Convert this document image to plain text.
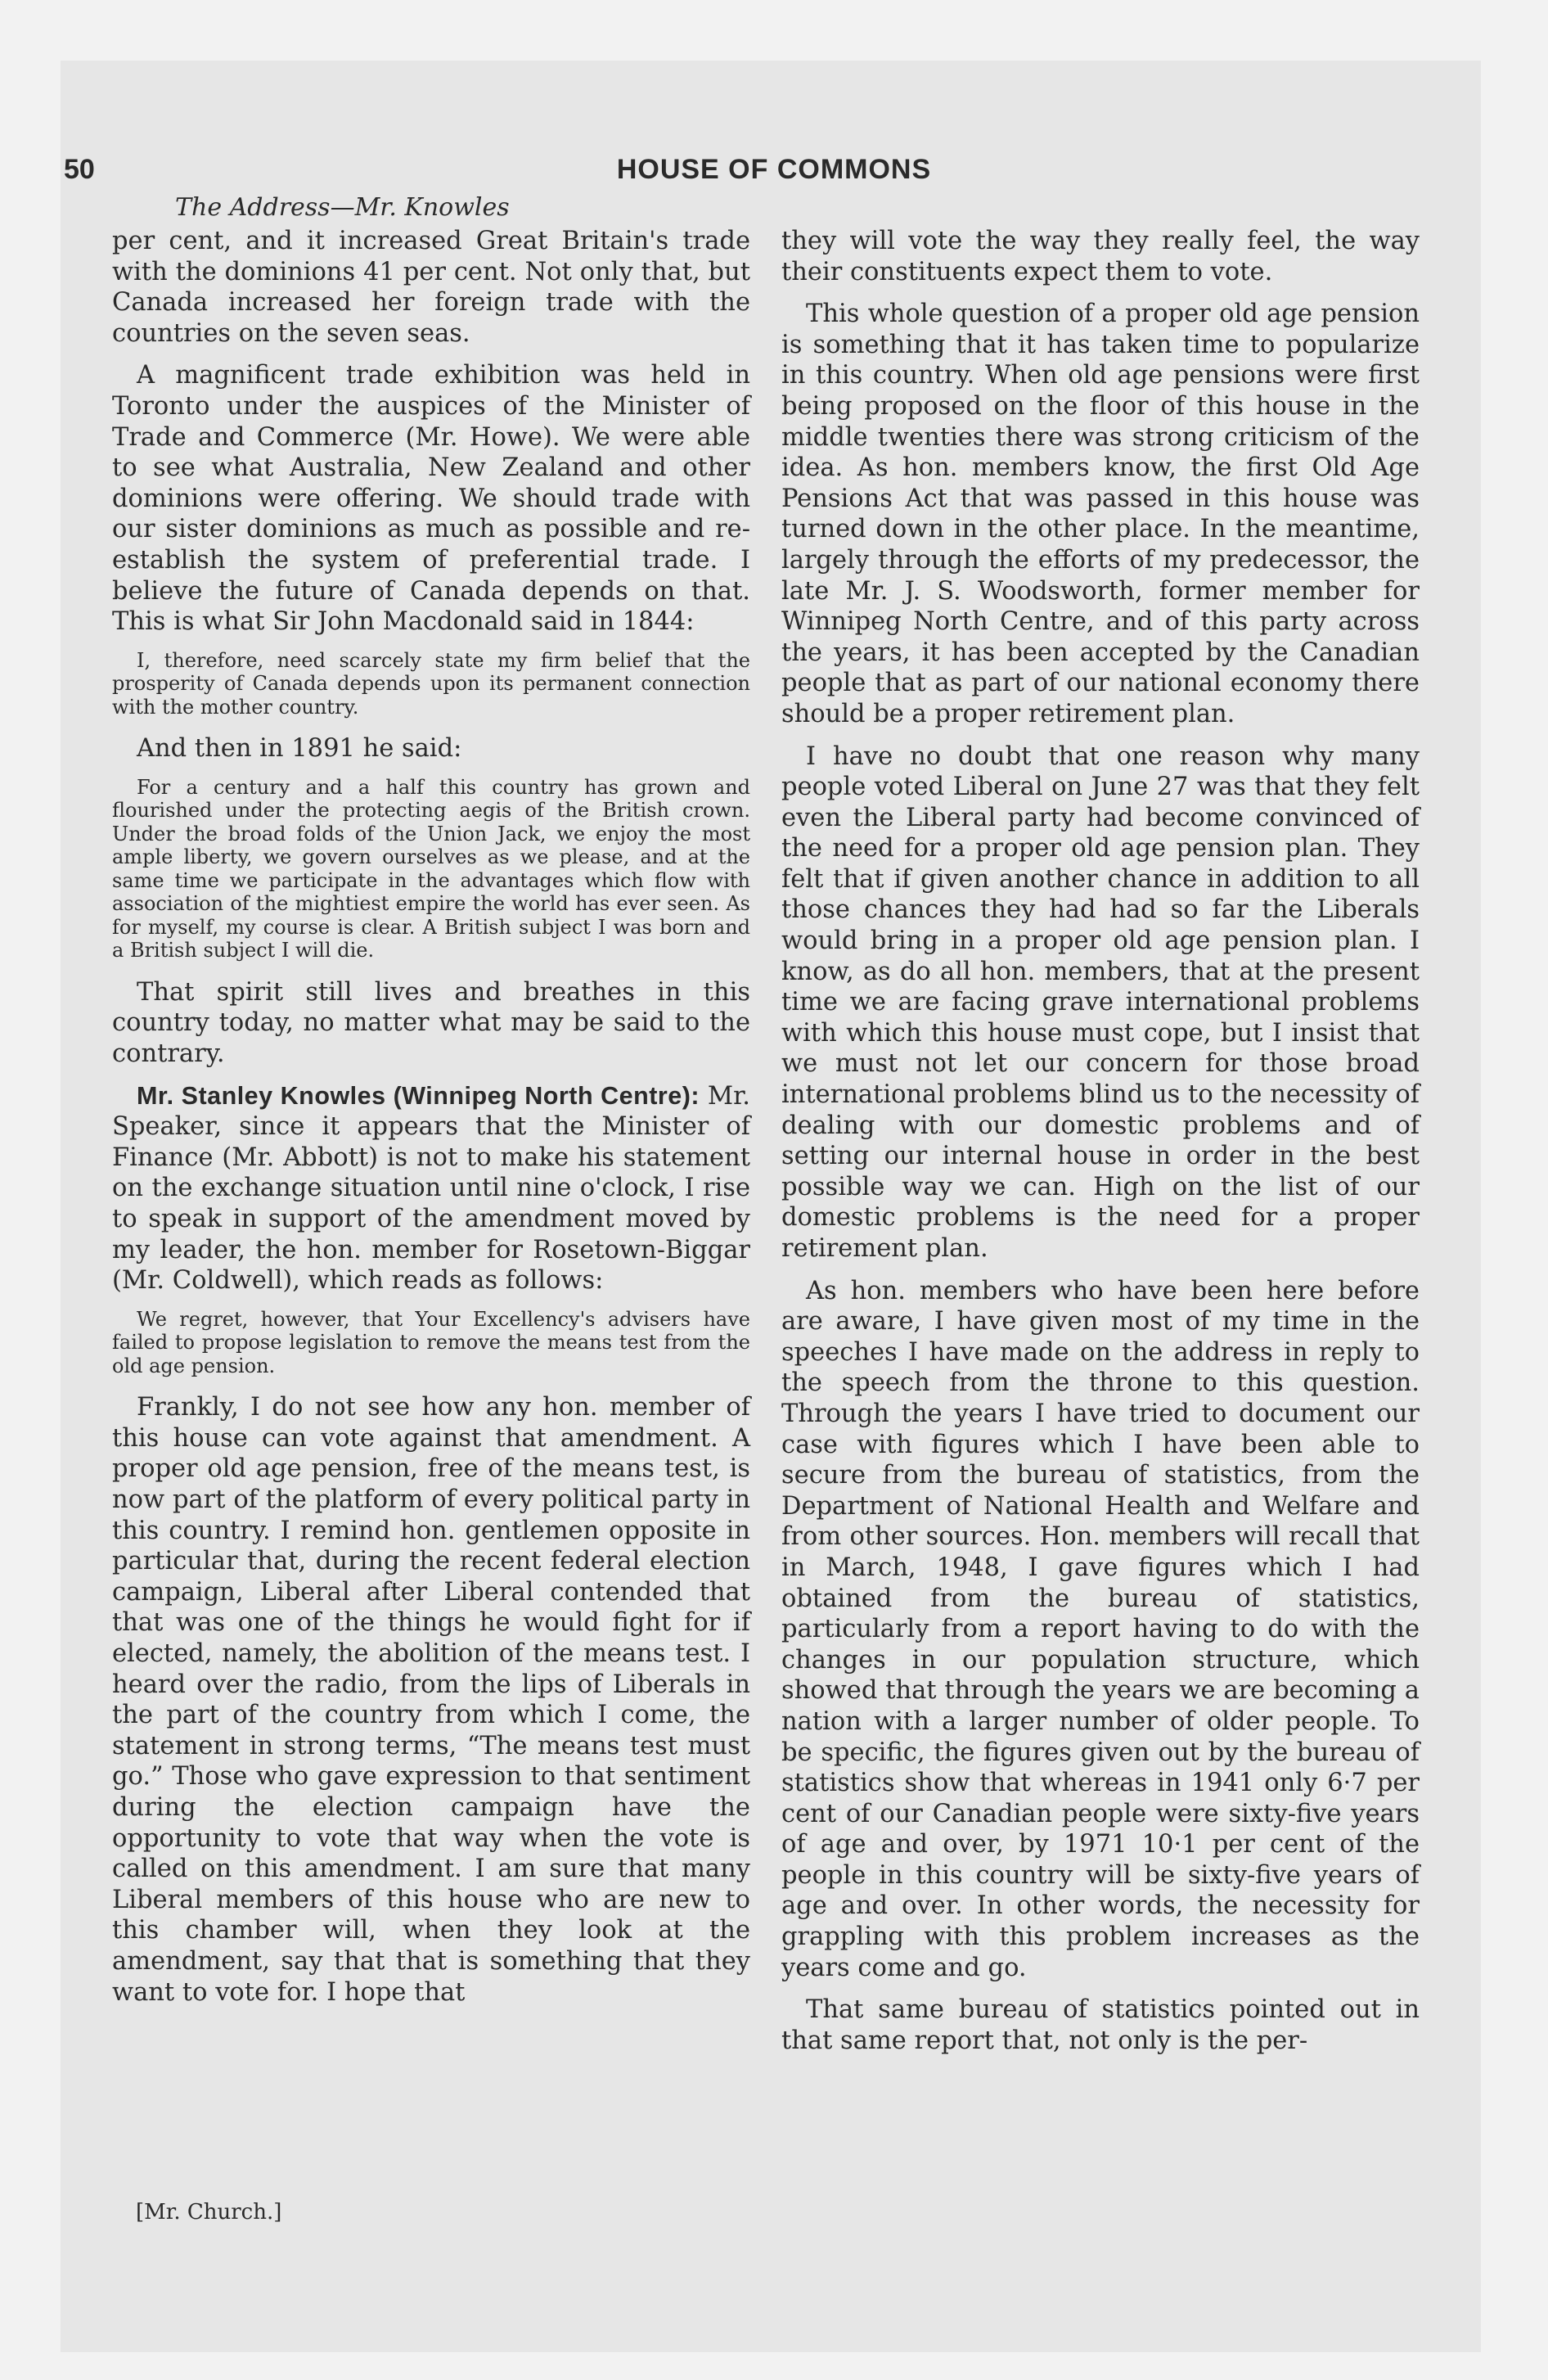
50	HOUSE OF COMMONS
The Address—Mr. Knowles

per cent, and it increased Great Britain's trade with the dominions 41 per cent. Not only that, but Canada increased her foreign trade with the countries on the seven seas.

A magnificent trade exhibition was held in Toronto under the auspices of the Minister of Trade and Commerce (Mr. Howe). We were able to see what Australia, New Zealand and other dominions were offering. We should trade with our sister dominions as much as possible and re-establish the system of preferential trade. I believe the future of Canada depends on that. This is what Sir John Macdonald said in 1844:

I, therefore, need scarcely state my firm belief that the prosperity of Canada depends upon its permanent connection with the mother country.

And then in 1891 he said:

For a century and a half this country has grown and flourished under the protecting aegis of the British crown. Under the broad folds of the Union Jack, we enjoy the most ample liberty, we govern ourselves as we please, and at the same time we participate in the advantages which flow with association of the mightiest empire the world has ever seen. As for myself, my course is clear. A British subject I was born and a British subject I will die.

That spirit still lives and breathes in this country today, no matter what may be said to the contrary.

Mr. Stanley Knowles (Winnipeg North Centre): Mr. Speaker, since it appears that the Minister of Finance (Mr. Abbott) is not to make his statement on the exchange situation until nine o'clock, I rise to speak in support of the amendment moved by my leader, the hon. member for Rosetown-Biggar (Mr. Coldwell), which reads as follows:

We regret, however, that Your Excellency's advisers have failed to propose legislation to remove the means test from the old age pension.

Frankly, I do not see how any hon. member of this house can vote against that amendment. A proper old age pension, free of the means test, is now part of the platform of every political party in this country. I remind hon. gentlemen opposite in particular that, during the recent federal election campaign, Liberal after Liberal contended that that was one of the things he would fight for if elected, namely, the abolition of the means test. I heard over the radio, from the lips of Liberals in the part of the country from which I come, the statement in strong terms, “The means test must go.” Those who gave expression to that sentiment during the election campaign have the opportunity to vote that way when the vote is called on this amendment. I am sure that many Liberal members of this house who are new to this chamber will, when they look at the amendment, say that that is something that they want to vote for. I hope that

they will vote the way they really feel, the way their constituents expect them to vote.

This whole question of a proper old age pension is something that it has taken time to popularize in this country. When old age pensions were first being proposed on the floor of this house in the middle twenties there was strong criticism of the idea. As hon. members know, the first Old Age Pensions Act that was passed in this house was turned down in the other place. In the meantime, largely through the efforts of my predecessor, the late Mr. J. S. Woodsworth, former member for Winnipeg North Centre, and of this party across the years, it has been accepted by the Canadian people that as part of our national economy there should be a proper retirement plan.

I have no doubt that one reason why many people voted Liberal on June 27 was that they felt even the Liberal party had become convinced of the need for a proper old age pension plan. They felt that if given another chance in addition to all those chances they had had so far the Liberals would bring in a proper old age pension plan. I know, as do all hon. members, that at the present time we are facing grave international problems with which this house must cope, but I insist that we must not let our concern for those broad international problems blind us to the necessity of dealing with our domestic problems and of setting our internal house in order in the best possible way we can. High on the list of our domestic problems is the need for a proper retirement plan.

As hon. members who have been here before are aware, I have given most of my time in the speeches I have made on the address in reply to the speech from the throne to this question. Through the years I have tried to document our case with figures which I have been able to secure from the bureau of statistics, from the Department of National Health and Welfare and from other sources. Hon. members will recall that in March, 1948, I gave figures which I had obtained from the bureau of statistics, particularly from a report having to do with the changes in our population structure, which showed that through the years we are becoming a nation with a larger number of older people. To be specific, the figures given out by the bureau of statistics show that whereas in 1941 only 6·7 per cent of our Canadian people were sixty-five years of age and over, by 1971 10·1 per cent of the people in this country will be sixty-five years of age and over. In other words, the necessity for grappling with this problem increases as the years come and go.

That same bureau of statistics pointed out in that same report that, not only is the per-

[Mr. Church.]
